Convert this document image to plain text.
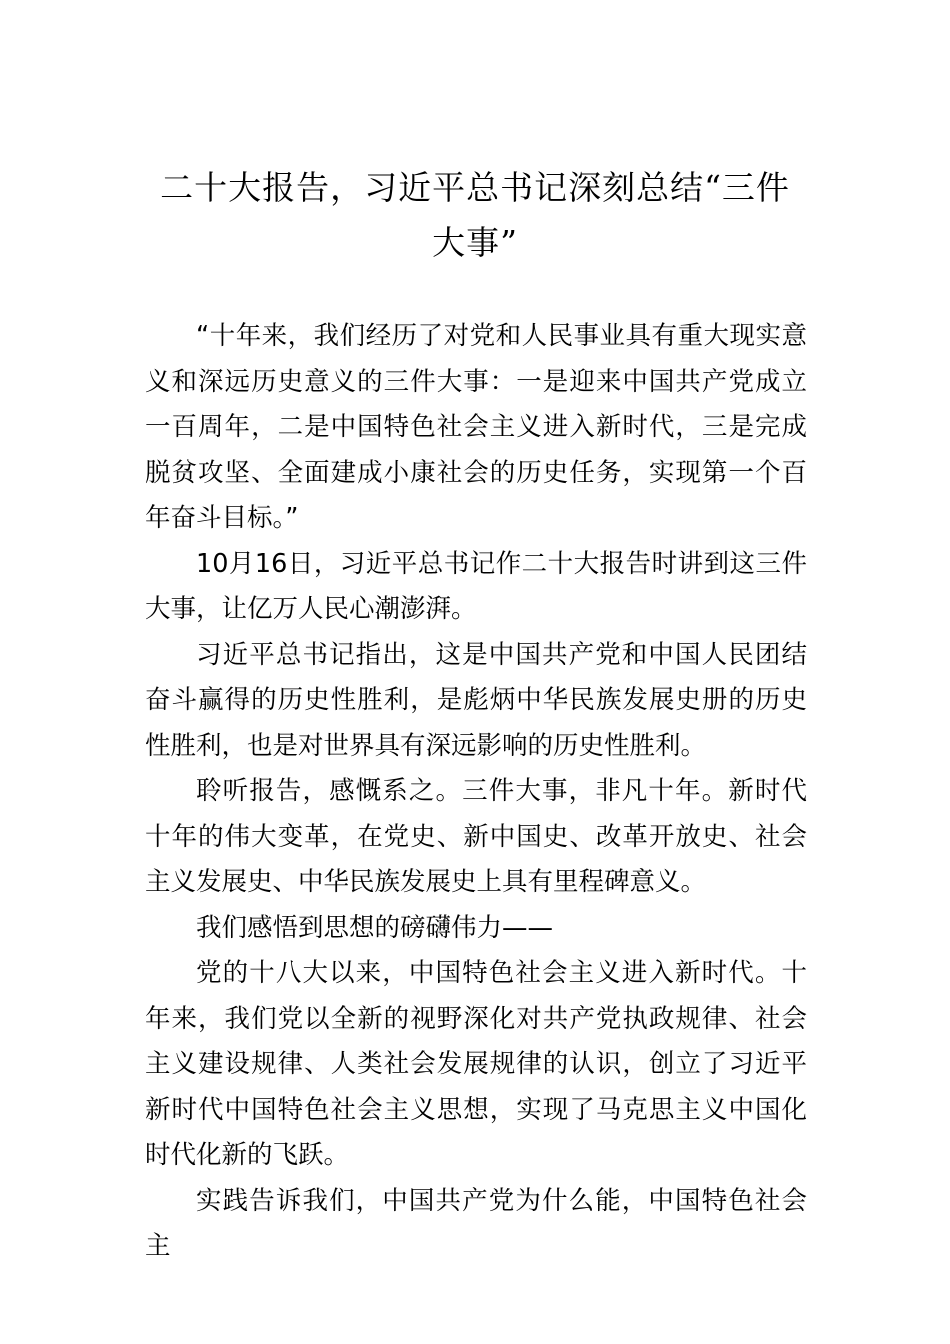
二十大报告，习近平总书记深刻总结“三件大事”

“十年来，我们经历了对党和人民事业具有重大现实意义和深远历史意义的三件大事：一是迎来中国共产党成立一百周年，二是中国特色社会主义进入新时代，三是完成脱贫攻坚、全面建成小康社会的历史任务，实现第一个百年奋斗目标。”

10月16日，习近平总书记作二十大报告时讲到这三件大事，让亿万人民心潮澎湃。

习近平总书记指出，这是中国共产党和中国人民团结奋斗赢得的历史性胜利，是彪炳中华民族发展史册的历史性胜利，也是对世界具有深远影响的历史性胜利。

聆听报告，感慨系之。三件大事，非凡十年。新时代十年的伟大变革，在党史、新中国史、改革开放史、社会主义发展史、中华民族发展史上具有里程碑意义。

我们感悟到思想的磅礴伟力——

党的十八大以来，中国特色社会主义进入新时代。十年来，我们党以全新的视野深化对共产党执政规律、社会主义建设规律、人类社会发展规律的认识，创立了习近平新时代中国特色社会主义思想，实现了马克思主义中国化时代化新的飞跃。

实践告诉我们，中国共产党为什么能，中国特色社会主
